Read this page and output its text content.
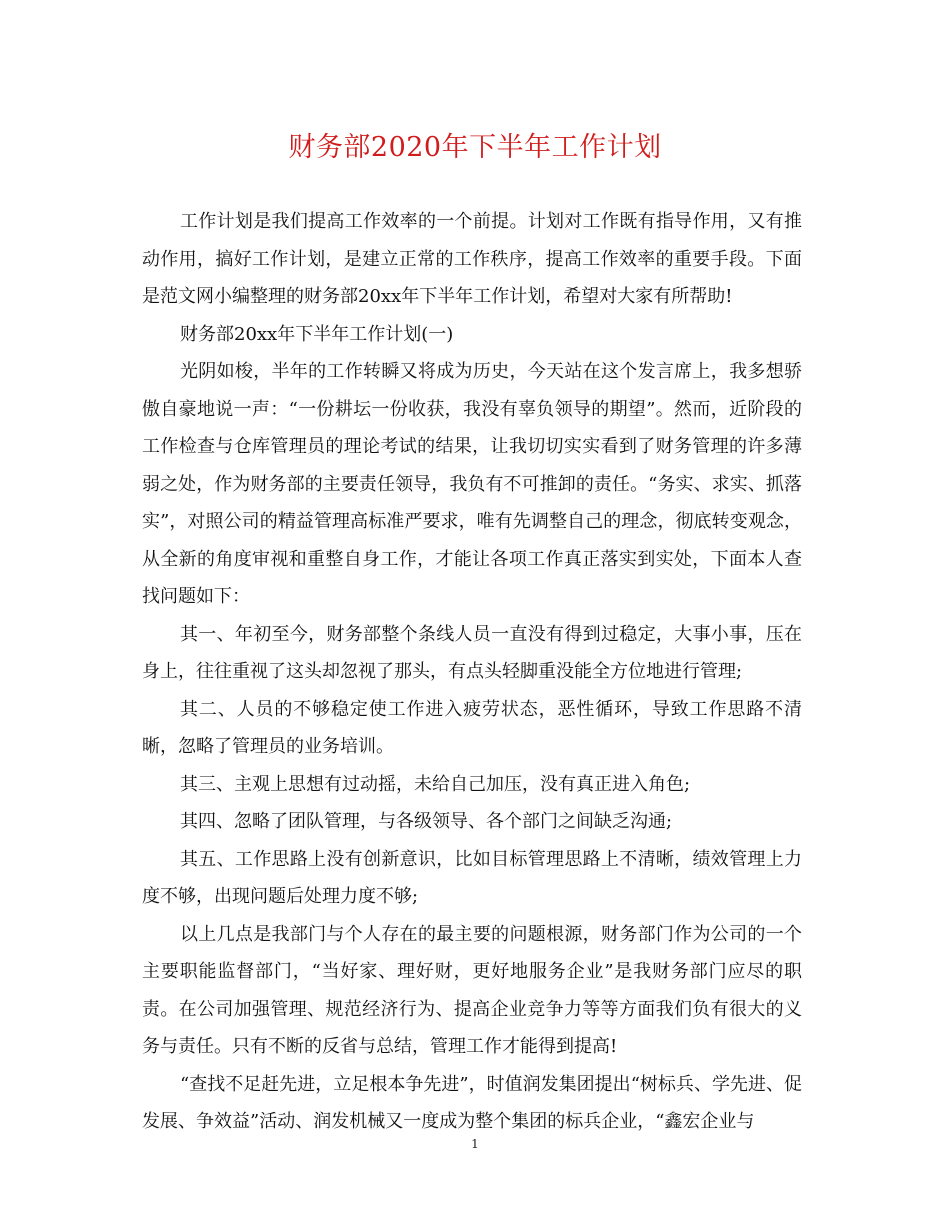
财务部2020年下半年工作计划

工作计划是我们提高工作效率的一个前提。计划对工作既有指导作用，又有推动作用，搞好工作计划，是建立正常的工作秩序，提高工作效率的重要手段。下面是范文网小编整理的财务部20xx年下半年工作计划，希望对大家有所帮助!

财务部20xx年下半年工作计划(一)

光阴如梭，半年的工作转瞬又将成为历史，今天站在这个发言席上，我多想骄傲自豪地说一声：“一份耕坛一份收获，我没有辜负领导的期望”。然而，近阶段的工作检查与仓库管理员的理论考试的结果，让我切切实实看到了财务管理的许多薄弱之处，作为财务部的主要责任领导，我负有不可推卸的责任。“务实、求实、抓落实”，对照公司的精益管理高标准严要求，唯有先调整自己的理念，彻底转变观念，从全新的角度审视和重整自身工作，才能让各项工作真正落实到实处，下面本人查找问题如下：

其一、年初至今，财务部整个条线人员一直没有得到过稳定，大事小事，压在身上，往往重视了这头却忽视了那头，有点头轻脚重没能全方位地进行管理;

其二、人员的不够稳定使工作进入疲劳状态，恶性循环，导致工作思路不清晰，忽略了管理员的业务培训。

其三、主观上思想有过动摇，未给自己加压，没有真正进入角色;

其四、忽略了团队管理，与各级领导、各个部门之间缺乏沟通;

其五、工作思路上没有创新意识，比如目标管理思路上不清晰，绩效管理上力度不够，出现问题后处理力度不够;

以上几点是我部门与个人存在的最主要的问题根源，财务部门作为公司的一个主要职能监督部门，“当好家、理好财，更好地服务企业”是我财务部门应尽的职责。在公司加强管理、规范经济行为、提高企业竞争力等等方面我们负有很大的义务与责任。只有不断的反省与总结，管理工作才能得到提高!

“查找不足赶先进，立足根本争先进”，时值润发集团提出“树标兵、学先进、促发展、争效益”活动、润发机械又一度成为整个集团的标兵企业，“鑫宏企业与

1
